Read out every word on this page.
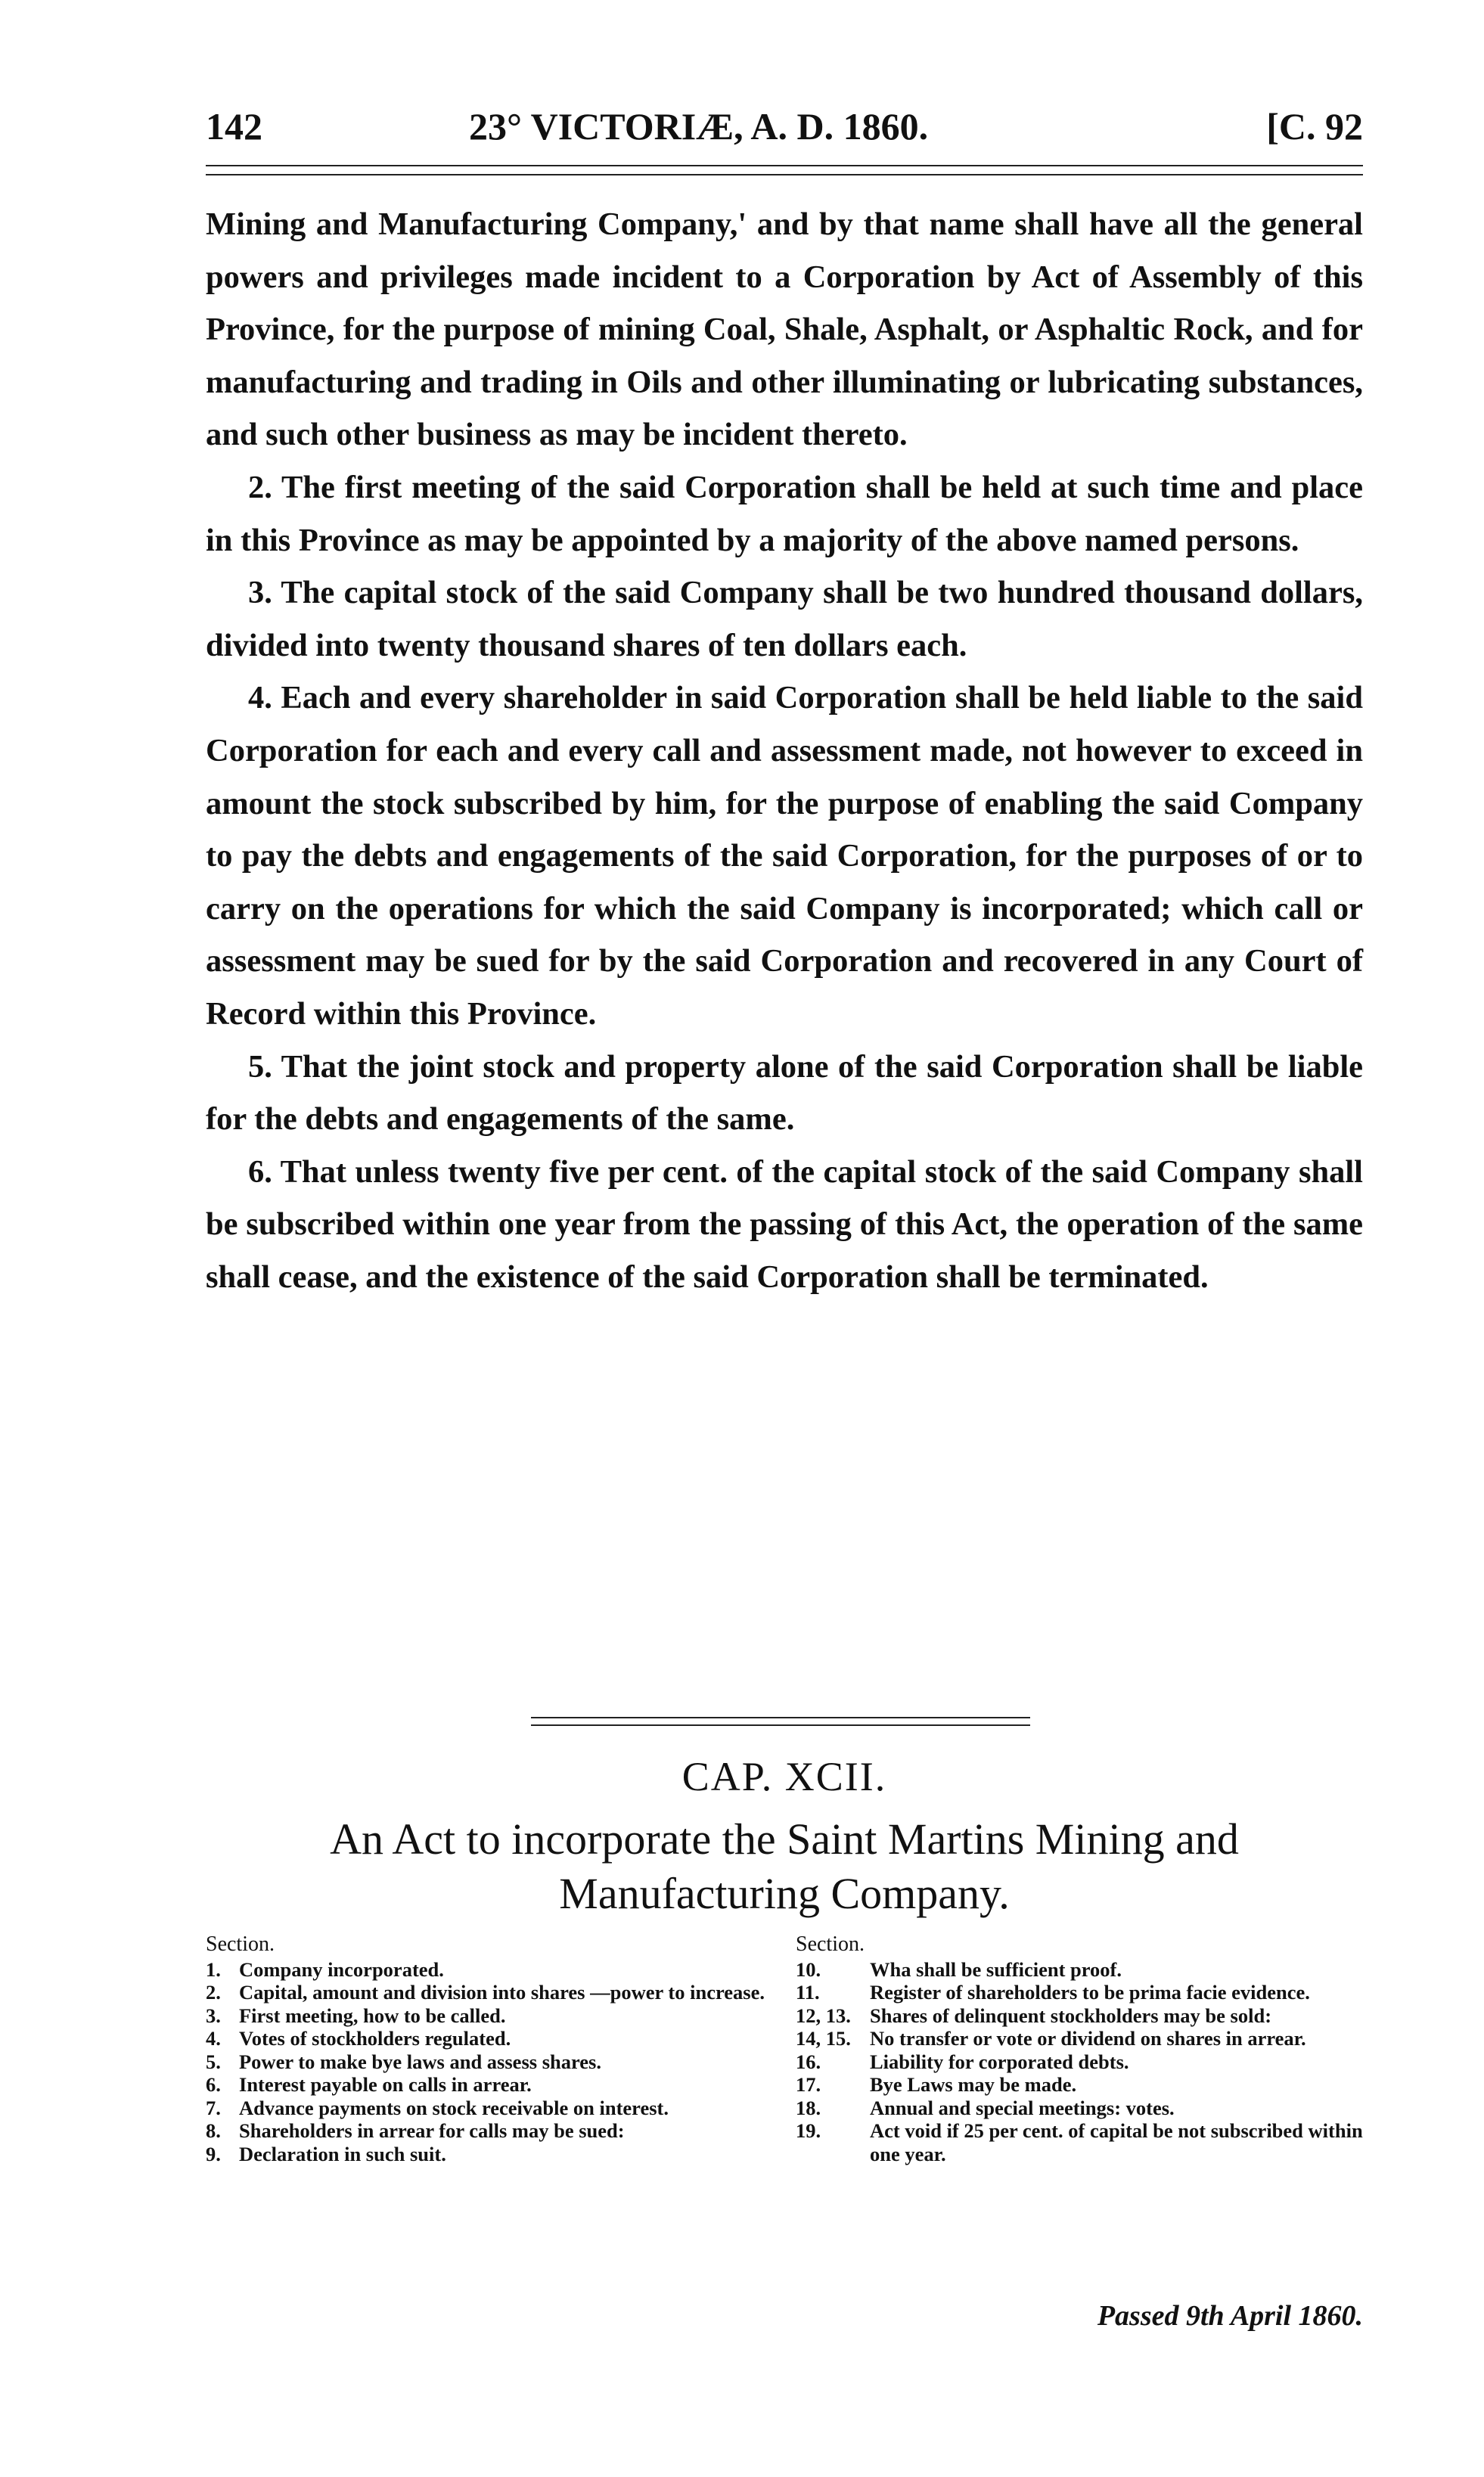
142	23° VICTORIÆ, A. D. 1860.	[C. 92

Mining and Manufacturing Company,' and by that name shall have all the general powers and privileges made incident to a Corporation by Act of Assembly of this Province, for the purpose of mining Coal, Shale, Asphalt, or Asphaltic Rock, and for manufacturing and trading in Oils and other illuminating or lubricating substances, and such other business as may be incident thereto.

2. The first meeting of the said Corporation shall be held at such time and place in this Province as may be appointed by a majority of the above named persons.

3. The capital stock of the said Company shall be two hundred thousand dollars, divided into twenty thousand shares of ten dollars each.

4. Each and every shareholder in said Corporation shall be held liable to the said Corporation for each and every call and assessment made, not however to exceed in amount the stock subscribed by him, for the purpose of enabling the said Company to pay the debts and engagements of the said Corporation, for the purposes of or to carry on the operations for which the said Company is incorporated; which call or assessment may be sued for by the said Corporation and recovered in any Court of Record within this Province.

5. That the joint stock and property alone of the said Corporation shall be liable for the debts and engagements of the same.

6. That unless twenty five per cent. of the capital stock of the said Company shall be subscribed within one year from the passing of this Act, the operation of the same shall cease, and the existence of the said Corporation shall be terminated.

CAP. XCII.
An Act to incorporate the Saint Martins Mining and
Manufacturing Company.
Section.
1. Company incorporated.
2. Capital, amount and division into shares —power to increase.
3. First meeting, how to be called.
4. Votes of stockholders regulated.
5. Power to make bye laws and assess shares.
6. Interest payable on calls in arrear.
7. Advance payments on stock receivable on interest.
8. Shareholders in arrear for calls may be sued:
9. Declaration in such suit.
Section.
10.	Wha shall be sufficient proof.
11.	Register of shareholders to be prima facie evidence.
12, 13. Shares of delinquent stockholders may be sold:
14, 15. No transfer or vote or dividend on shares in arrear.
16.	Liability for corporated debts.
17.	Bye Laws may be made.
18.	Annual and special meetings: votes.
19.	Act void if 25 per cent. of capital be not subscribed within one year.
Passed 9th April 1860.
